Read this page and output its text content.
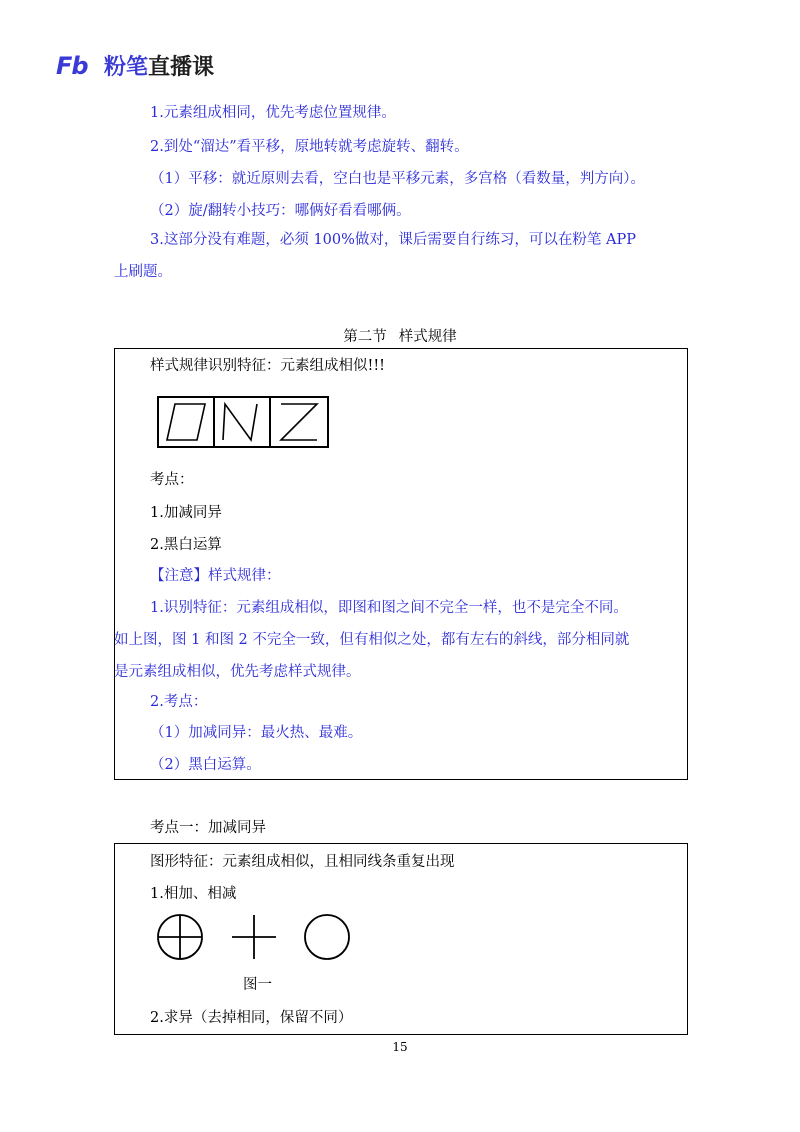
Fb 粉笔直播课
1.元素组成相同，优先考虑位置规律。
2.到处“溜达”看平移，原地转就考虑旋转、翻转。
（1）平移：就近原则去看，空白也是平移元素，多宫格（看数量，判方向）。
（2）旋/翻转小技巧：哪俩好看看哪俩。
3.这部分没有难题，必须 100%做对，课后需要自行练习，可以在粉笔 APP
上刷题。
第二节 样式规律
样式规律识别特征：元素组成相似!!!
考点：
1.加减同异
2.黑白运算
【注意】样式规律：
1.识别特征：元素组成相似，即图和图之间不完全一样，也不是完全不同。
如上图，图 1 和图 2 不完全一致，但有相似之处，都有左右的斜线，部分相同就
是元素组成相似，优先考虑样式规律。
2.考点：
（1）加减同异：最火热、最难。
（2）黑白运算。
考点一：加减同异
图形特征：元素组成相似，且相同线条重复出现
1.相加、相减
图一
2.求异（去掉相同，保留不同）
15
